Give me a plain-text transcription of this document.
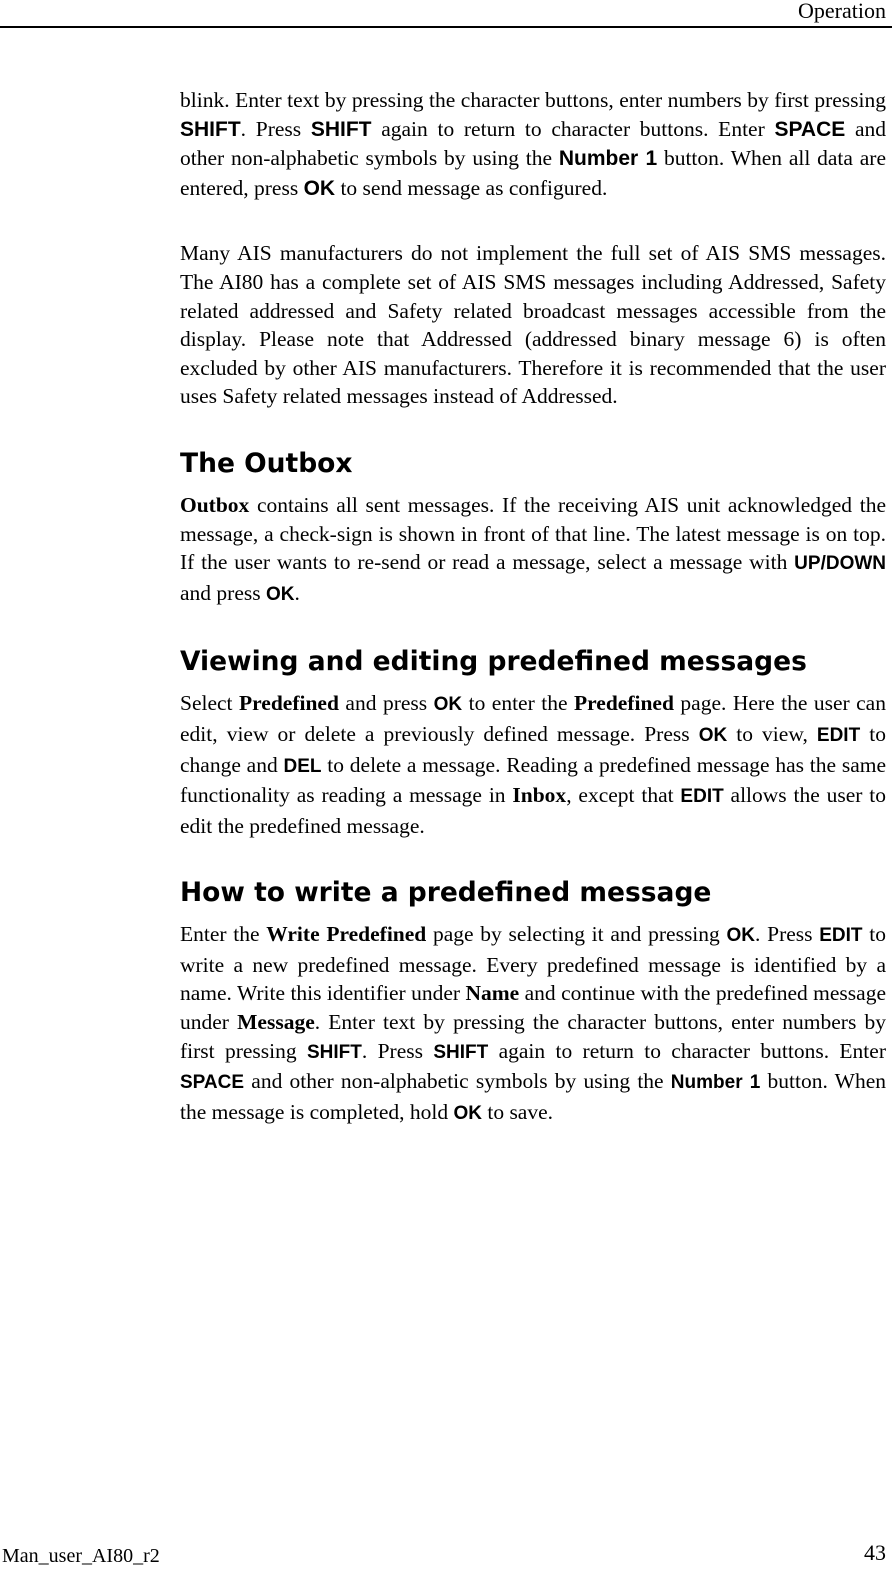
Operation

blink. Enter text by pressing the character buttons, enter numbers by first pressing SHIFT. Press SHIFT again to return to character buttons. Enter SPACE and other non-alphabetic symbols by using the Number 1 button. When all data are entered, press OK to send message as configured.

Many AIS manufacturers do not implement the full set of AIS SMS messages. The AI80 has a complete set of AIS SMS messages including Addressed, Safety related addressed and Safety related broadcast messages accessible from the display. Please note that Addressed (addressed binary message 6) is often excluded by other AIS manufacturers. Therefore it is recommended that the user uses Safety related messages instead of Addressed.

The Outbox

Outbox contains all sent messages. If the receiving AIS unit acknowledged the message, a check-sign is shown in front of that line. The latest message is on top. If the user wants to re-send or read a message, select a message with UP/DOWN and press OK.

Viewing and editing predefined messages

Select Predefined and press OK to enter the Predefined page. Here the user can edit, view or delete a previously defined message. Press OK to view, EDIT to change and DEL to delete a message. Reading a predefined message has the same functionality as reading a message in Inbox, except that EDIT allows the user to edit the predefined message.

How to write a predefined message

Enter the Write Predefined page by selecting it and pressing OK. Press EDIT to write a new predefined message. Every predefined message is identified by a name. Write this identifier under Name and continue with the predefined message under Message. Enter text by pressing the character buttons, enter numbers by first pressing SHIFT. Press SHIFT again to return to character buttons. Enter SPACE and other non-alphabetic symbols by using the Number 1 button. When the message is completed, hold OK to save.

Man_user_AI80_r2	43
